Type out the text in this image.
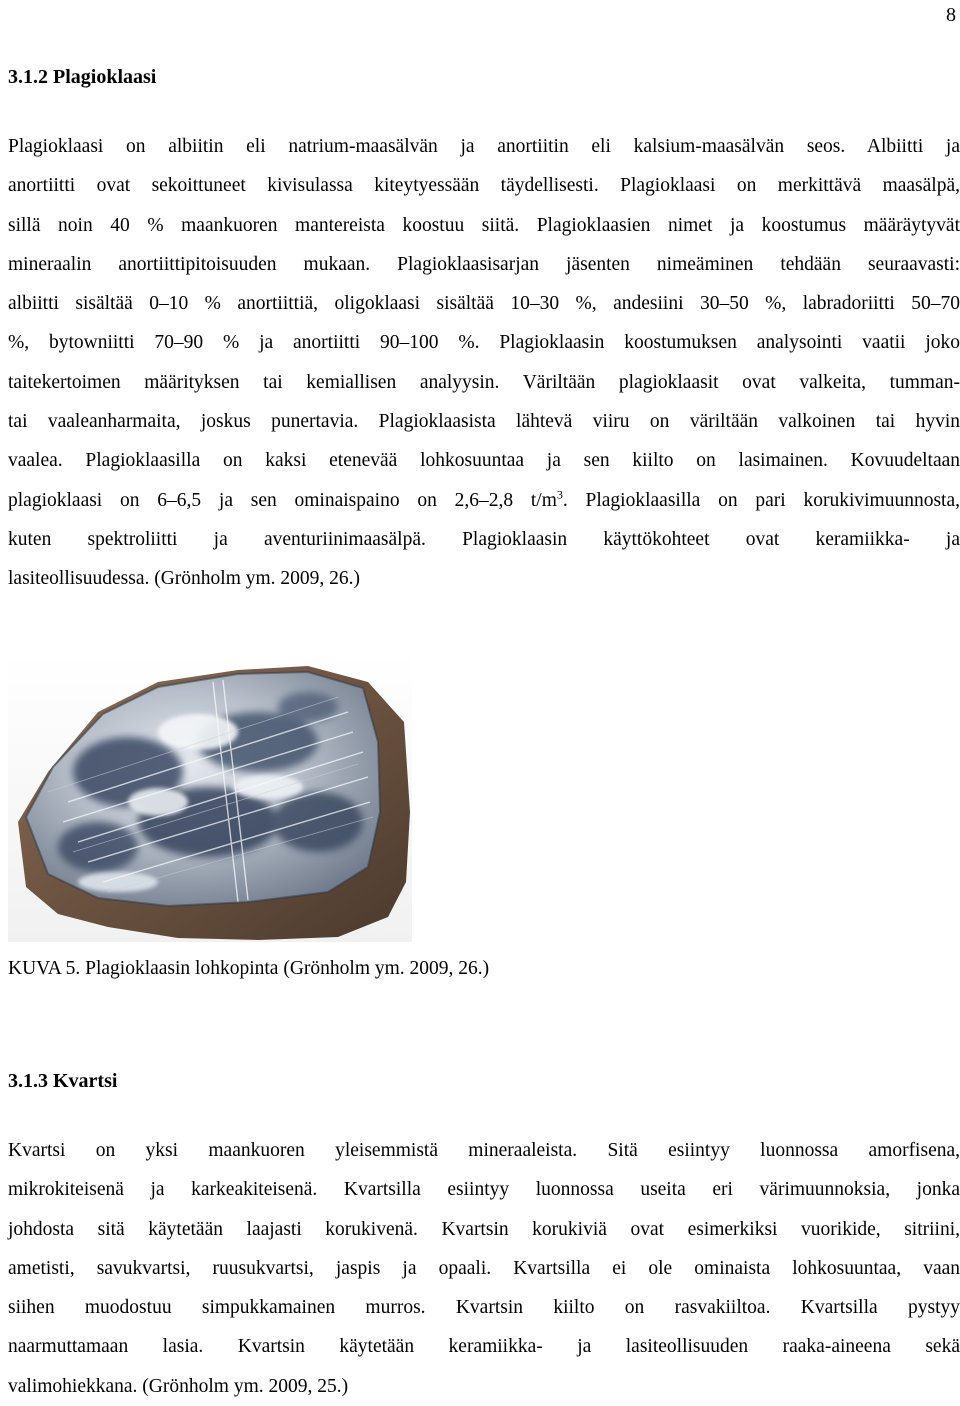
8
3.1.2 Plagioklaasi
Plagioklaasi on albiitin eli natrium-maasälvän ja anortiitin eli kalsium-maasälvän seos. Albiitti ja
anortiitti ovat sekoittuneet kivisulassa kiteytyessään täydellisesti. Plagioklaasi on merkittävä maasälpä,
sillä noin 40 % maankuoren mantereista koostuu siitä. Plagioklaasien nimet ja koostumus määräytyvät
mineraalin anortiittipitoisuuden mukaan. Plagioklaasisarjan jäsenten nimeäminen tehdään seuraavasti:
albiitti sisältää 0–10 % anortiittiä, oligoklaasi sisältää 10–30 %, andesiini 30–50 %, labradoriitti 50–70
%, bytowniitti 70–90 % ja anortiitti 90–100 %. Plagioklaasin koostumuksen analysointi vaatii joko
taitekertoimen määrityksen tai kemiallisen analyysin. Väriltään plagioklaasit ovat valkeita, tumman-
tai vaaleanharmaita, joskus punertavia. Plagioklaasista lähtevä viiru on väriltään valkoinen tai hyvin
vaalea. Plagioklaasilla on kaksi etenevää lohkosuuntaa ja sen kiilto on lasimainen. Kovuudeltaan
plagioklaasi on 6–6,5 ja sen ominaispaino on 2,6–2,8 $t/m^3$. Plagioklaasilla on pari korukivimuunnosta,
kuten spektroliitti ja aventuriinimaasälpä. Plagioklaasin käyttökohteet ovat keramiikka- ja
lasiteollisuudessa. (Grönholm ym. 2009, 26.)

KUVA 5. Plagioklaasin lohkopinta (Grönholm ym. 2009, 26.)

3.1.3 Kvartsi
Kvartsi on yksi maankuoren yleisemmistä mineraaleista. Sitä esiintyy luonnossa amorfisena,
mikrokiteisenä ja karkeakiteisenä. Kvartsilla esiintyy luonnossa useita eri värimuunnoksia, jonka
johdosta sitä käytetään laajasti korukivenä. Kvartsin korukiviä ovat esimerkiksi vuorikide, sitriini,
ametisti, savukvartsi, ruusukvartsi, jaspis ja opaali. Kvartsilla ei ole ominaista lohkosuuntaa, vaan
siihen muodostuu simpukkamainen murros. Kvartsin kiilto on rasvakiiltoa. Kvartsilla pystyy
naarmuttamaan lasia. Kvartsin käytetään keramiikka- ja lasiteollisuuden raaka-aineena sekä
valimohiekkana. (Grönholm ym. 2009, 25.)
